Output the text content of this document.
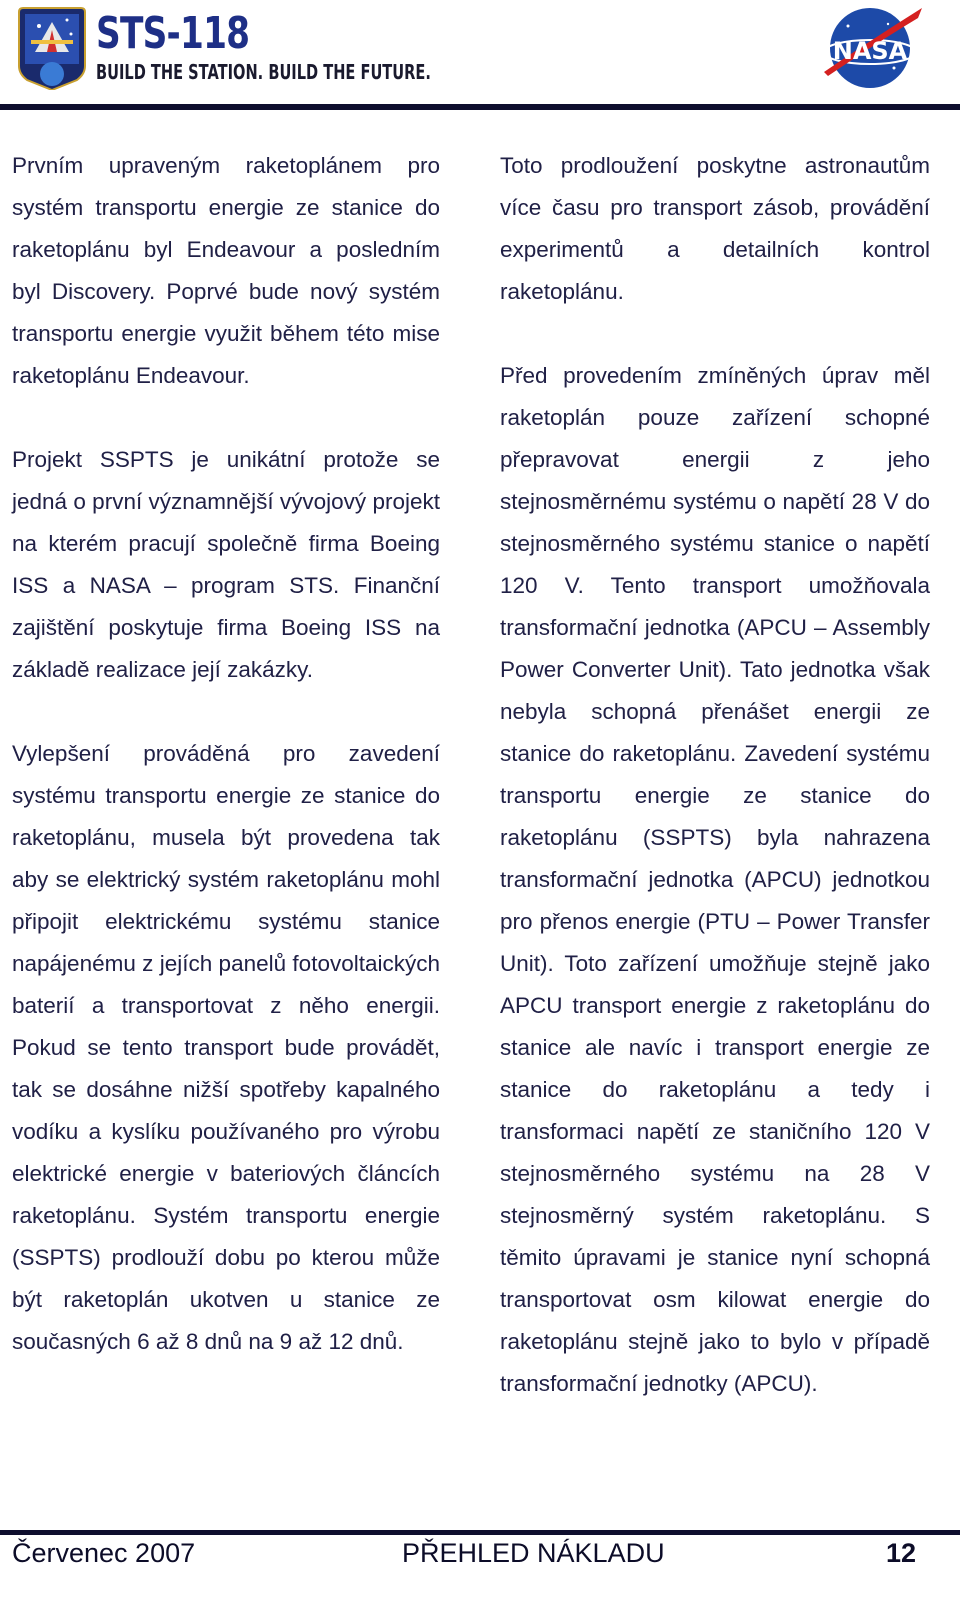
STS-118
BUILD THE STATION. BUILD THE FUTURE.
NASA

Prvním upraveným raketoplánem pro systém transportu energie ze stanice do raketoplánu byl Endeavour a posledním byl Discovery. Poprvé bude nový systém transportu energie využit během této mise raketoplánu Endeavour.

Projekt SSPTS je unikátní protože se jedná o první významnější vývojový projekt na kterém pracují společně firma Boeing ISS a NASA – program STS. Finanční zajištění poskytuje firma Boeing ISS na základě realizace její zakázky.

Vylepšení prováděná pro zavedení systému transportu energie ze stanice do raketoplánu, musela být provedena tak aby se elektrický systém raketoplánu mohl připojit elektrickému systému stanice napájenému z jejích panelů fotovoltaických baterií a transportovat z něho energii. Pokud se tento transport bude provádět, tak se dosáhne nižší spotřeby kapalného vodíku a kyslíku používaného pro výrobu elektrické energie v bateriových článcích raketoplánu. Systém transportu energie (SSPTS) prodlouží dobu po kterou může být raketoplán ukotven u stanice ze současných 6 až 8 dnů na 9 až 12 dnů.

Toto prodloužení poskytne astronautům více času pro transport zásob, provádění experimentů a detailních kontrol raketoplánu.

Před provedením zmíněných úprav měl raketoplán pouze zařízení schopné přepravovat energii z jeho stejnosměrnému systému o napětí 28 V do stejnosměrného systému stanice o napětí 120 V. Tento transport umožňovala transformační jednotka (APCU – Assembly Power Converter Unit). Tato jednotka však nebyla schopná přenášet energii ze stanice do raketoplánu. Zavedení systému transportu energie ze stanice do raketoplánu (SSPTS) byla nahrazena transformační jednotka (APCU) jednotkou pro přenos energie (PTU – Power Transfer Unit). Toto zařízení umožňuje stejně jako APCU transport energie z raketoplánu do stanice ale navíc i transport energie ze stanice do raketoplánu a tedy i transformaci napětí ze staničního 120 V stejnosměrného systému na 28 V stejnosměrný systém raketoplánu. S těmito úpravami je stanice nyní schopná transportovat osm kilowat energie do raketoplánu stejně jako to bylo v případě transformační jednotky (APCU).

Červenec 2007	PŘEHLED NÁKLADU	12
